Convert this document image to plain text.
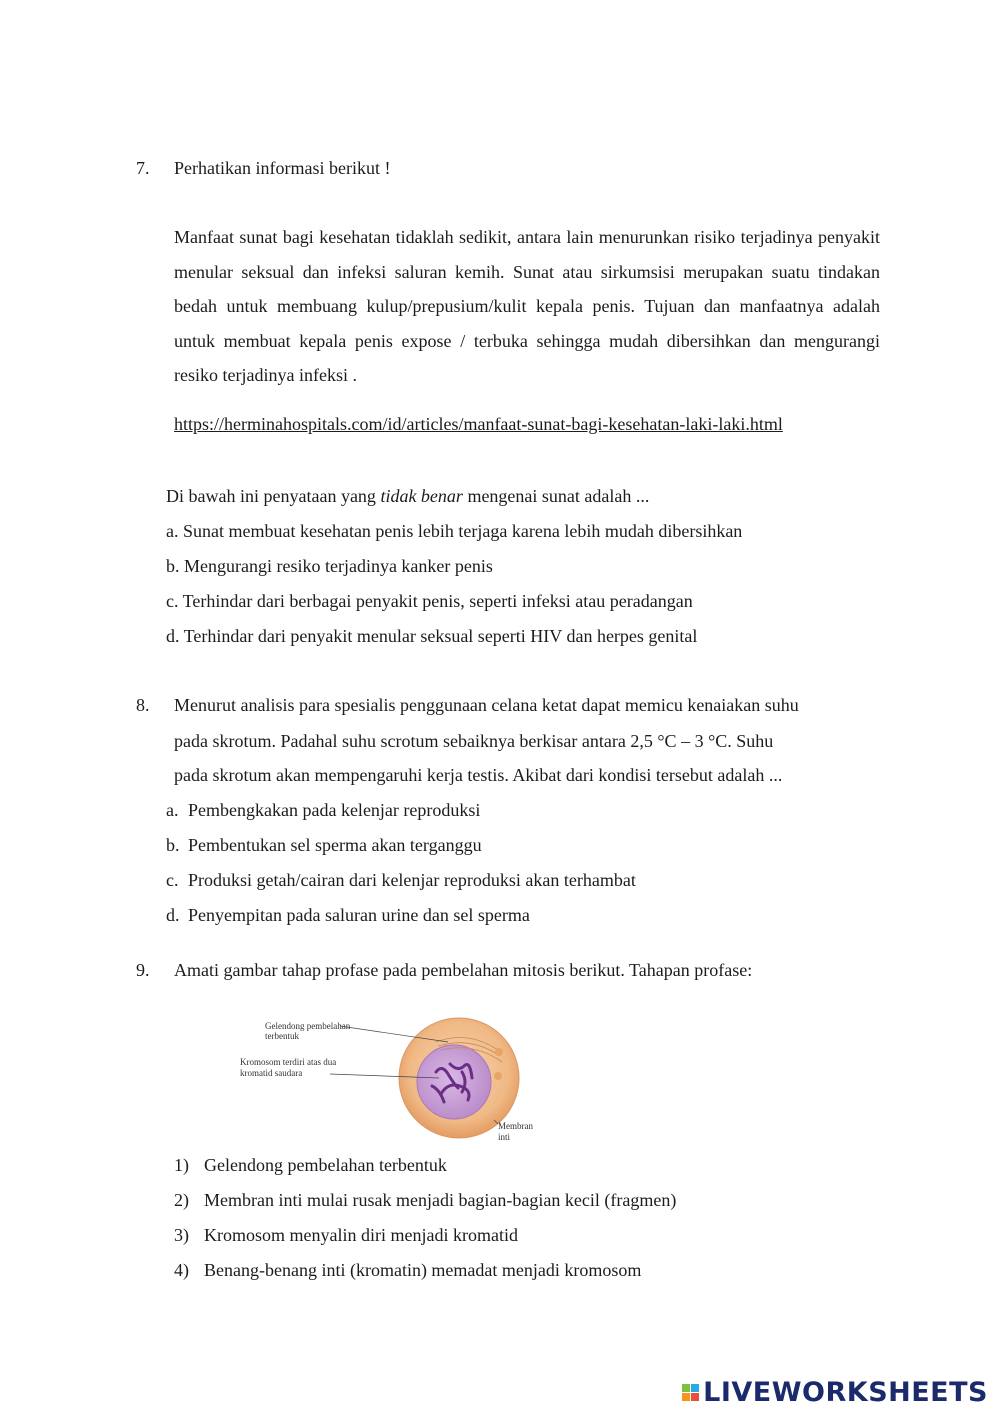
7. Perhatikan informasi berikut !
Manfaat sunat bagi kesehatan tidaklah sedikit, antara lain menurunkan risiko terjadinya penyakit menular seksual dan infeksi saluran kemih. Sunat atau sirkumsisi merupakan suatu tindakan bedah untuk membuang kulup/prepusium/kulit kepala penis. Tujuan dan manfaatnya adalah untuk membuat kepala penis expose / terbuka sehingga mudah dibersihkan dan mengurangi resiko terjadinya infeksi .
https://herminahospitals.com/id/articles/manfaat-sunat-bagi-kesehatan-laki-laki.html
Di bawah ini penyataan yang tidak benar mengenai sunat adalah ...
a. Sunat membuat kesehatan penis lebih terjaga karena lebih mudah dibersihkan
b. Mengurangi resiko terjadinya kanker penis
c. Terhindar dari berbagai penyakit penis, seperti infeksi atau peradangan
d. Terhindar dari penyakit menular seksual seperti HIV dan herpes genital
8. Menurut analisis para spesialis penggunaan celana ketat dapat memicu kenaiakan suhu
pada skrotum. Padahal suhu scrotum sebaiknya berkisar antara 2,5 °C – 3 °C. Suhu
pada skrotum akan mempengaruhi kerja testis. Akibat dari kondisi tersebut adalah ...
a. Pembengkakan pada kelenjar reproduksi
b. Pembentukan sel sperma akan terganggu
c. Produksi getah/cairan dari kelenjar reproduksi akan terhambat
d. Penyempitan pada saluran urine dan sel sperma
9. Amati gambar tahap profase pada pembelahan mitosis berikut. Tahapan profase:
Gelendong pembelahan
terbentuk
Kromosom terdiri atas dua
kromatid saudara
Membran
inti
1) Gelendong pembelahan terbentuk
2) Membran inti mulai rusak menjadi bagian-bagian kecil (fragmen)
3) Kromosom menyalin diri menjadi kromatid
4) Benang-benang inti (kromatin) memadat menjadi kromosom
LIVEWORKSHEETS
